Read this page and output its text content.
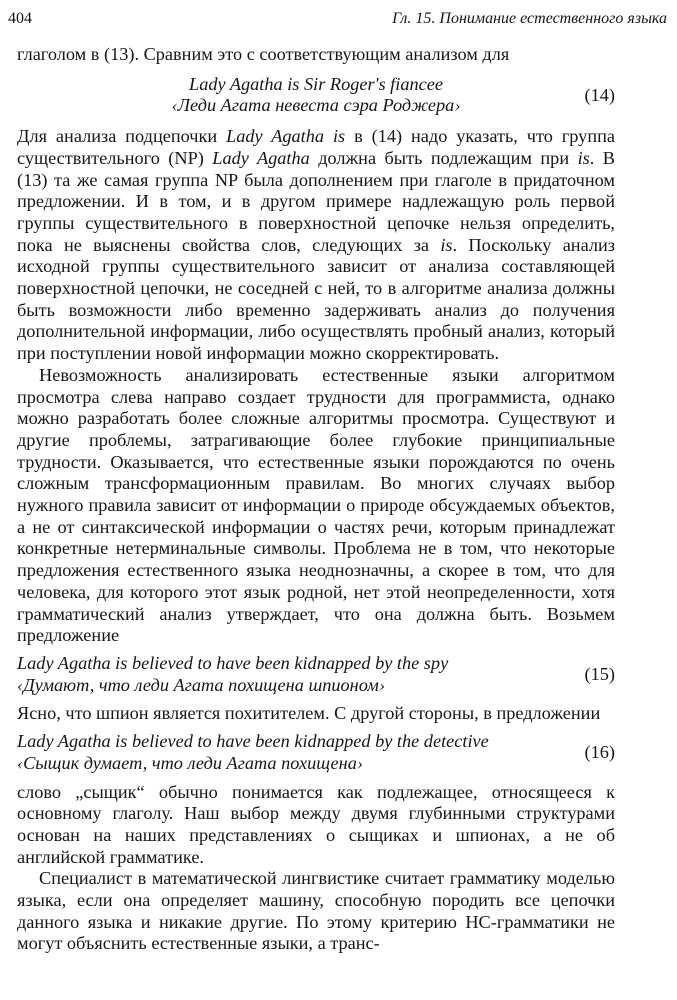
404	Гл. 15. Понимание естественного языка

глаголом в (13). Сравним это с соответствующим анализом для

Lady Agatha is Sir Roger's fiancee
‹Леди Агата невеста сэра Роджера›
(14)

Для анализа подцепочки Lady Agatha is в (14) надо указать, что группа существительного (NP) Lady Agatha должна быть подлежащим при is. В (13) та же самая группа NP была дополнением при глаголе в придаточном предложении. И в том, и в другом примере надлежащую роль первой группы существительного в поверхностной цепочке нельзя определить, пока не выяснены свойства слов, следующих за is. Поскольку анализ исходной группы существительного зависит от анализа составляющей поверхностной цепочки, не соседней с ней, то в алгоритме анализа должны быть возможности либо временно задерживать анализ до получения дополнительной информации, либо осуществлять пробный анализ, который при поступлении новой информации можно скорректировать.

Невозможность анализировать естественные языки алгоритмом просмотра слева направо создает трудности для программиста, однако можно разработать более сложные алгоритмы просмотра. Существуют и другие проблемы, затрагивающие более глубокие принципиальные трудности. Оказывается, что естественные языки порождаются по очень сложным трансформационным правилам. Во многих случаях выбор нужного правила зависит от информации о природе обсуждаемых объектов, а не от синтаксической информации о частях речи, которым принадлежат конкретные нетерминальные символы. Проблема не в том, что некоторые предложения естественного языка неоднозначны, а скорее в том, что для человека, для которого этот язык родной, нет этой неопределенности, хотя грамматический анализ утверждает, что она должна быть. Возьмем предложение

Lady Agatha is believed to have been kidnapped by the spy
‹Думают, что леди Агата похищена шпионом›
(15)

Ясно, что шпион является похитителем. С другой стороны, в предложении

Lady Agatha is believed to have been kidnapped by the detective
‹Сыщик думает, что леди Агата похищена›
(16)

слово „сыщик“ обычно понимается как подлежащее, относящееся к основному глаголу. Наш выбор между двумя глубинными структурами основан на наших представлениях о сыщиках и шпионах, а не об английской грамматике.

Специалист в математической лингвистике считает грамматику моделью языка, если она определяет машину, способную породить все цепочки данного языка и никакие другие. По этому критерию НС-грамматики не могут объяснить естественные языки, а транс-
